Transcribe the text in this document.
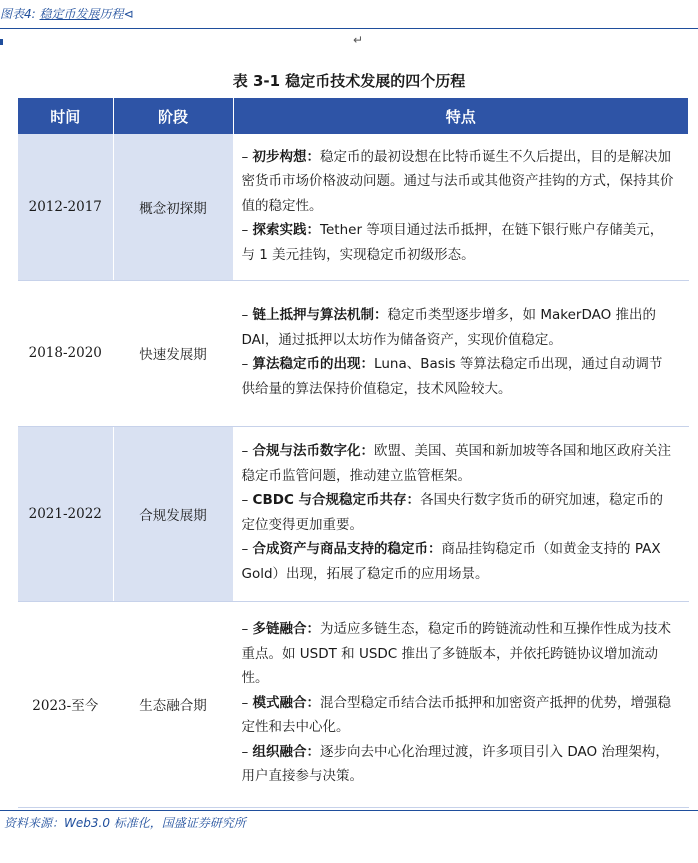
图表4: 稳定币发展历程⊲
↵
表 3-1 稳定币技术发展的四个历程
时间	阶段	特点
2012-2017	概念初探期	– 初步构想：稳定币的最初设想在比特币诞生不久后提出，目的是解决加密货币市场价格波动问题。通过与法币或其他资产挂钩的方式，保持其价值的稳定性。
– 探索实践：Tether 等项目通过法币抵押，在链下银行账户存储美元，与 1 美元挂钩，实现稳定币初级形态。

2018-2020	快速发展期	– 链上抵押与算法机制：稳定币类型逐步增多，如 MakerDAO 推出的 DAI，通过抵押以太坊作为储备资产，实现价值稳定。
– 算法稳定币的出现：Luna、Basis 等算法稳定币出现，通过自动调节供给量的算法保持价值稳定，技术风险较大。

2021-2022	合规发展期	– 合规与法币数字化：欧盟、美国、英国和新加坡等各国和地区政府关注稳定币监管问题，推动建立监管框架。
– CBDC 与合规稳定币共存：各国央行数字货币的研究加速，稳定币的定位变得更加重要。
– 合成资产与商品支持的稳定币：商品挂钩稳定币（如黄金支持的 PAX Gold）出现，拓展了稳定币的应用场景。

2023-至今	生态融合期	– 多链融合：为适应多链生态，稳定币的跨链流动性和互操作性成为技术重点。如 USDT 和 USDC 推出了多链版本，并依托跨链协议增加流动性。
– 模式融合：混合型稳定币结合法币抵押和加密资产抵押的优势，增强稳定性和去中心化。
– 组织融合：逐步向去中心化治理过渡，许多项目引入 DAO 治理架构，用户直接参与决策。
资料来源：Web3.0 标准化，国盛证券研究所
